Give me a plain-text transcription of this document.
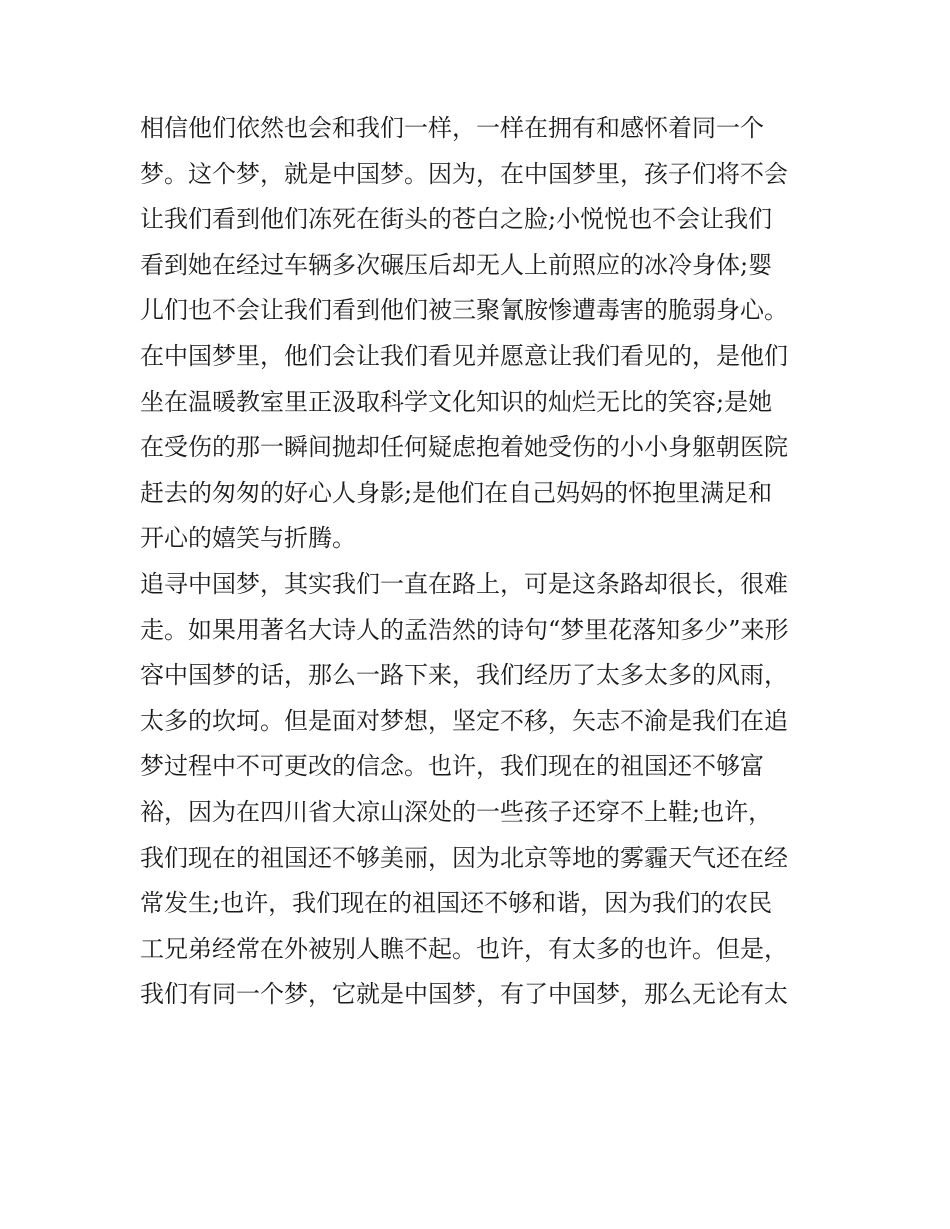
相信他们依然也会和我们一样，一样在拥有和感怀着同一个
梦。这个梦，就是中国梦。因为，在中国梦里，孩子们将不会
让我们看到他们冻死在街头的苍白之脸;小悦悦也不会让我们
看到她在经过车辆多次碾压后却无人上前照应的冰冷身体;婴
儿们也不会让我们看到他们被三聚氰胺惨遭毒害的脆弱身心。
在中国梦里，他们会让我们看见并愿意让我们看见的，是他们
坐在温暖教室里正汲取科学文化知识的灿烂无比的笑容;是她
在受伤的那一瞬间抛却任何疑虑抱着她受伤的小小身躯朝医院
赶去的匆匆的好心人身影;是他们在自己妈妈的怀抱里满足和
开心的嬉笑与折腾。
追寻中国梦，其实我们一直在路上，可是这条路却很长，很难
走。如果用著名大诗人的孟浩然的诗句“梦里花落知多少”来形
容中国梦的话，那么一路下来，我们经历了太多太多的风雨，
太多的坎坷。但是面对梦想，坚定不移，矢志不渝是我们在追
梦过程中不可更改的信念。也许，我们现在的祖国还不够富
裕，因为在四川省大凉山深处的一些孩子还穿不上鞋;也许，
我们现在的祖国还不够美丽，因为北京等地的雾霾天气还在经
常发生;也许，我们现在的祖国还不够和谐，因为我们的农民
工兄弟经常在外被别人瞧不起。也许，有太多的也许。但是，
我们有同一个梦，它就是中国梦，有了中国梦，那么无论有太
